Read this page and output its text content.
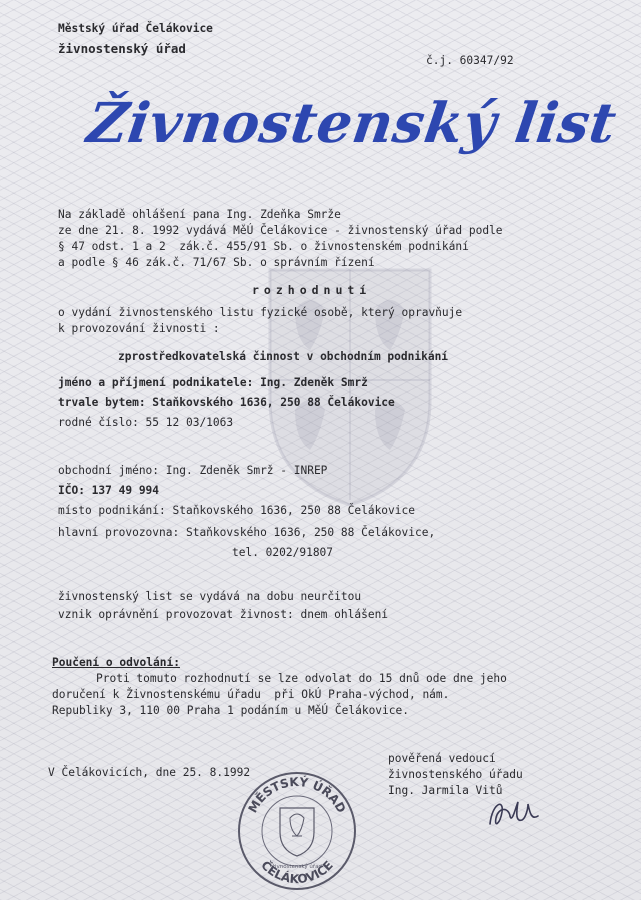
Městský úřad Čelákovice
živnostenský úřad
č.j. 60347/92
Živnostenský list
Na základě ohlášení pana Ing. Zdeňka Smrže
ze dne 21. 8. 1992 vydává MěÚ Čelákovice - živnostenský úřad podle
§ 47 odst. 1 a 2  zák.č. 455/91 Sb. o živnostenském podnikání
a podle § 46 zák.č. 71/67 Sb. o správním řízení
rozhodnutí
o vydání živnostenského listu fyzické osobě, který opravňuje
k provozování živnosti :
zprostředkovatelská činnost v obchodním podnikání
jméno a příjmení podnikatele: Ing. Zdeněk Smrž
trvale bytem: Staňkovského 1636, 250 88 Čelákovice
rodné číslo: 55 12 03/1063
obchodní jméno: Ing. Zdeněk Smrž - INREP
IČO: 137 49 994
místo podnikání: Staňkovského 1636, 250 88 Čelákovice
hlavní provozovna: Staňkovského 1636, 250 88 Čelákovice,
tel. 0202/91807
živnostenský list se vydává na dobu neurčitou
vznik oprávnění provozovat živnost: dnem ohlášení
Poučení o odvolání:
Proti tomuto rozhodnutí se lze odvolat do 15 dnů ode dne jeho
doručení k Živnostenskému úřadu  při OkÚ Praha-východ, nám.
Republiky 3, 110 00 Praha 1 podáním u MěÚ Čelákovice.
V Čelákovicích, dne 25. 8.1992
pověřená vedoucí
živnostenského úřadu
Ing. Jarmila Vitů
MĚSTSKÝ ÚŘAD
ČELÁKOVICE
živnostenský úřad
